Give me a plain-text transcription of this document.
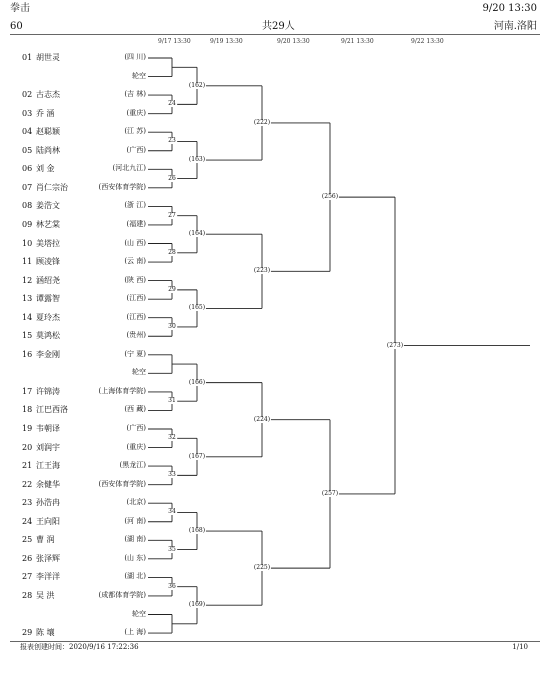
拳击	9/20 13:30
60	共29人	河南.洛阳
9/17 13:30	9/19 13:30	9/20 13:30	9/21 13:30	9/22 13:30
01 胡世灵	(四 川)
轮空
02 古志杰	(吉 林)
03 乔 涵	(重庆)
04 赵聪颖	(江 苏)
05 陆尚林	(广西)
06 刘 金	(河北九江)
07 肖仁宗治	(西安体育学院)
08 姜浩文	(浙 江)
09 林艺棠	(福建)
10 美塔拉	(山 西)
11 顾凌锋	(云 南)
12 涵绍尧	(陕 西)
13 谭露智	(江西)
14 夏玲杰	(江西)
15 莫鸿松	(贵州)
16 李金刚	(宁 夏)
轮空
17 许锦涛	(上海体育学院)
18 江巴西洛	(西 藏)
19 韦朝译	(广西)
20 刘润宇	(重庆)
21 江王海	(黑龙江)
22 余健华	(西安体育学院)
23 孙浩冉	(北京)
24 王向阳	(河 南)
25 曹 润	(湖 南)
26 张泽辉	(山 东)
27 李洋洋	(湖 北)
28 吴 洪	(成都体育学院)
轮空
29 陈 壤	(上 海)
24
23
26
27
28
29
30
31
32
33
34
35
36
(162)
(163)
(164)
(165)
(166)
(167)
(168)
(169)
(222)
(223)
(224)
(225)
(256)
(257)
(273)
报表创建时间：2020/9/16 17:22:36	1/10
